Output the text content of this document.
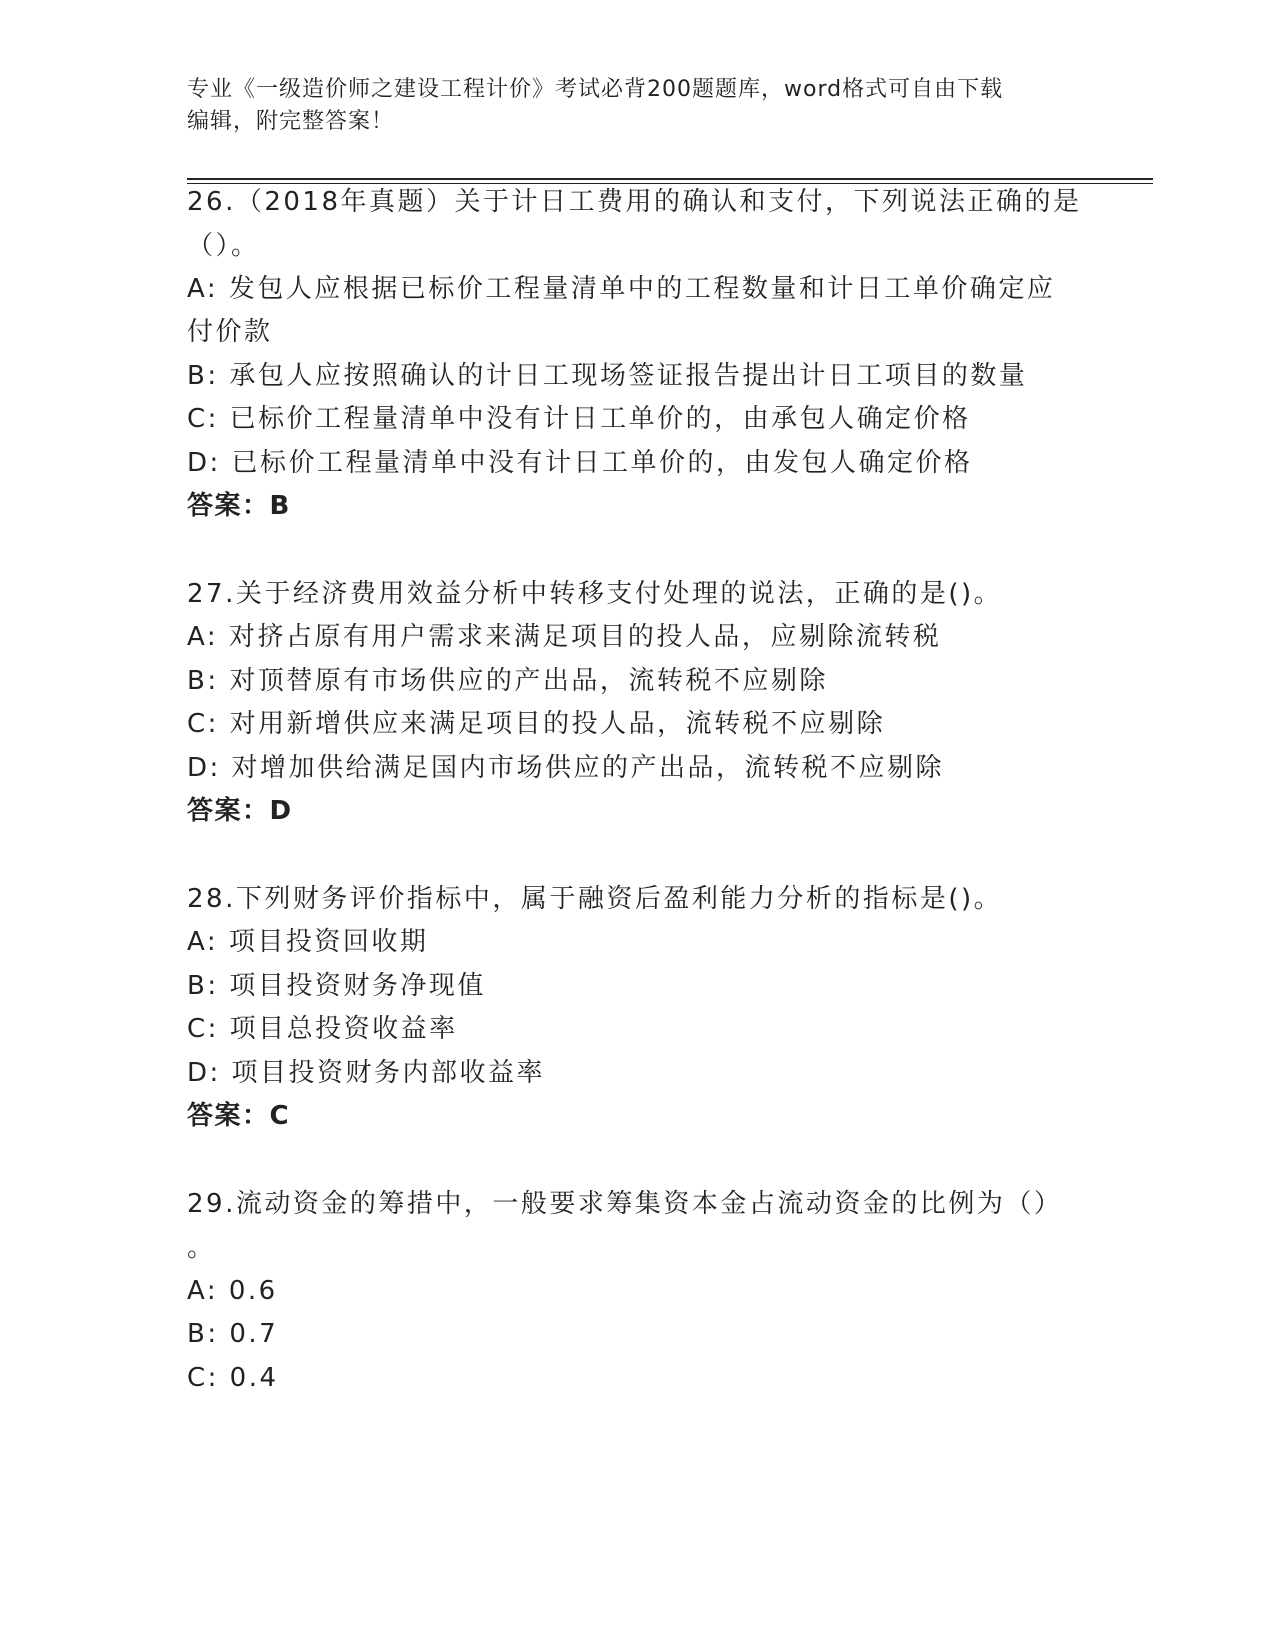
专业《一级造价师之建设工程计价》考试必背200题题库，word格式可自由下载
编辑，附完整答案！
26.（2018年真题）关于计日工费用的确认和支付，下列说法正确的是
（）。
A: 发包人应根据已标价工程量清单中的工程数量和计日工单价确定应
付价款
B: 承包人应按照确认的计日工现场签证报告提出计日工项目的数量
C: 已标价工程量清单中没有计日工单价的，由承包人确定价格
D: 已标价工程量清单中没有计日工单价的，由发包人确定价格
答案：B
27.关于经济费用效益分析中转移支付处理的说法，正确的是()。
A: 对挤占原有用户需求来满足项目的投人品，应剔除流转税
B: 对顶替原有市场供应的产出品，流转税不应剔除
C: 对用新增供应来满足项目的投人品，流转税不应剔除
D: 对增加供给满足国内市场供应的产出品，流转税不应剔除
答案：D
28.下列财务评价指标中，属于融资后盈利能力分析的指标是()。
A: 项目投资回收期
B: 项目投资财务净现值
C: 项目总投资收益率
D: 项目投资财务内部收益率
答案：C
29.流动资金的筹措中，一般要求筹集资本金占流动资金的比例为（）
。
A: 0.6
B: 0.7
C: 0.4
